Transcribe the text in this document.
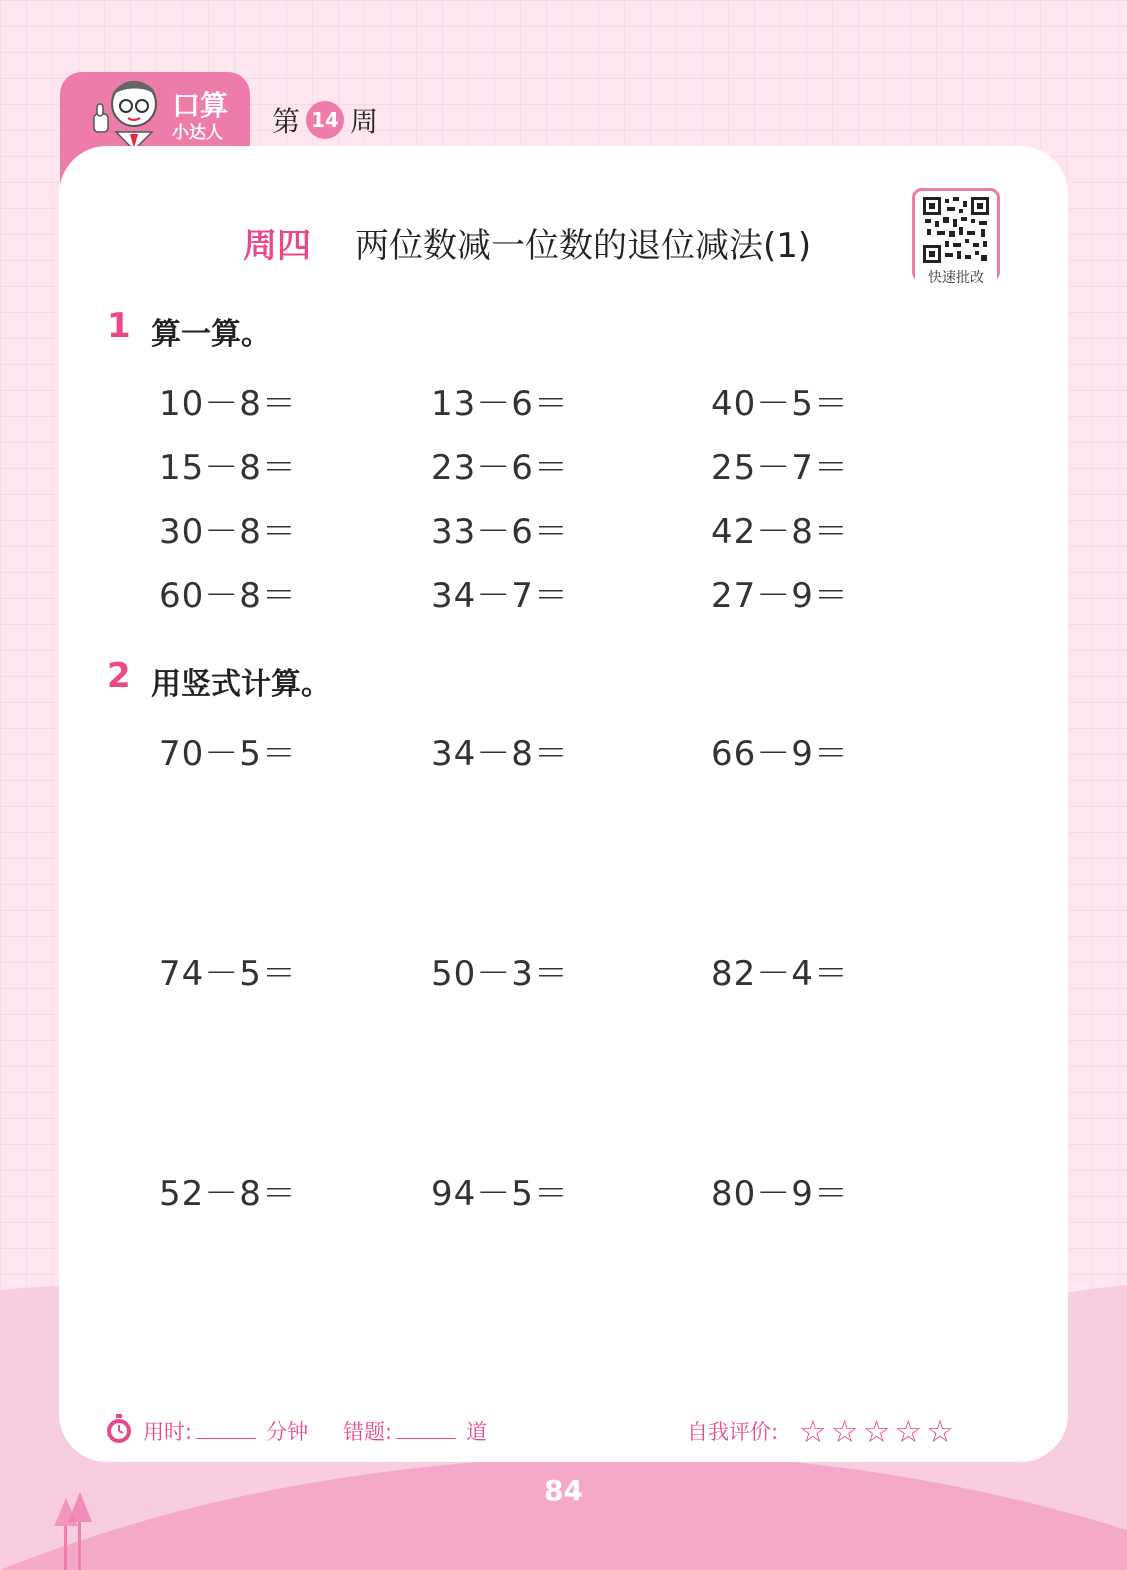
口算
小达人 第 14 周
周四 两位数减一位数的退位减法(1)
快速批改
1 算一算。
10－8＝	13－6＝	40－5＝
15－8＝	23－6＝	25－7＝
30－8＝	33－6＝	42－8＝
60－8＝	34－7＝	27－9＝
2 用竖式计算。
70－5＝	34－8＝	66－9＝
74－5＝	50－3＝	82－4＝
52－8＝	94－5＝	80－9＝
用时:	分钟 错题:	道	自我评价: ☆☆☆☆☆
84
